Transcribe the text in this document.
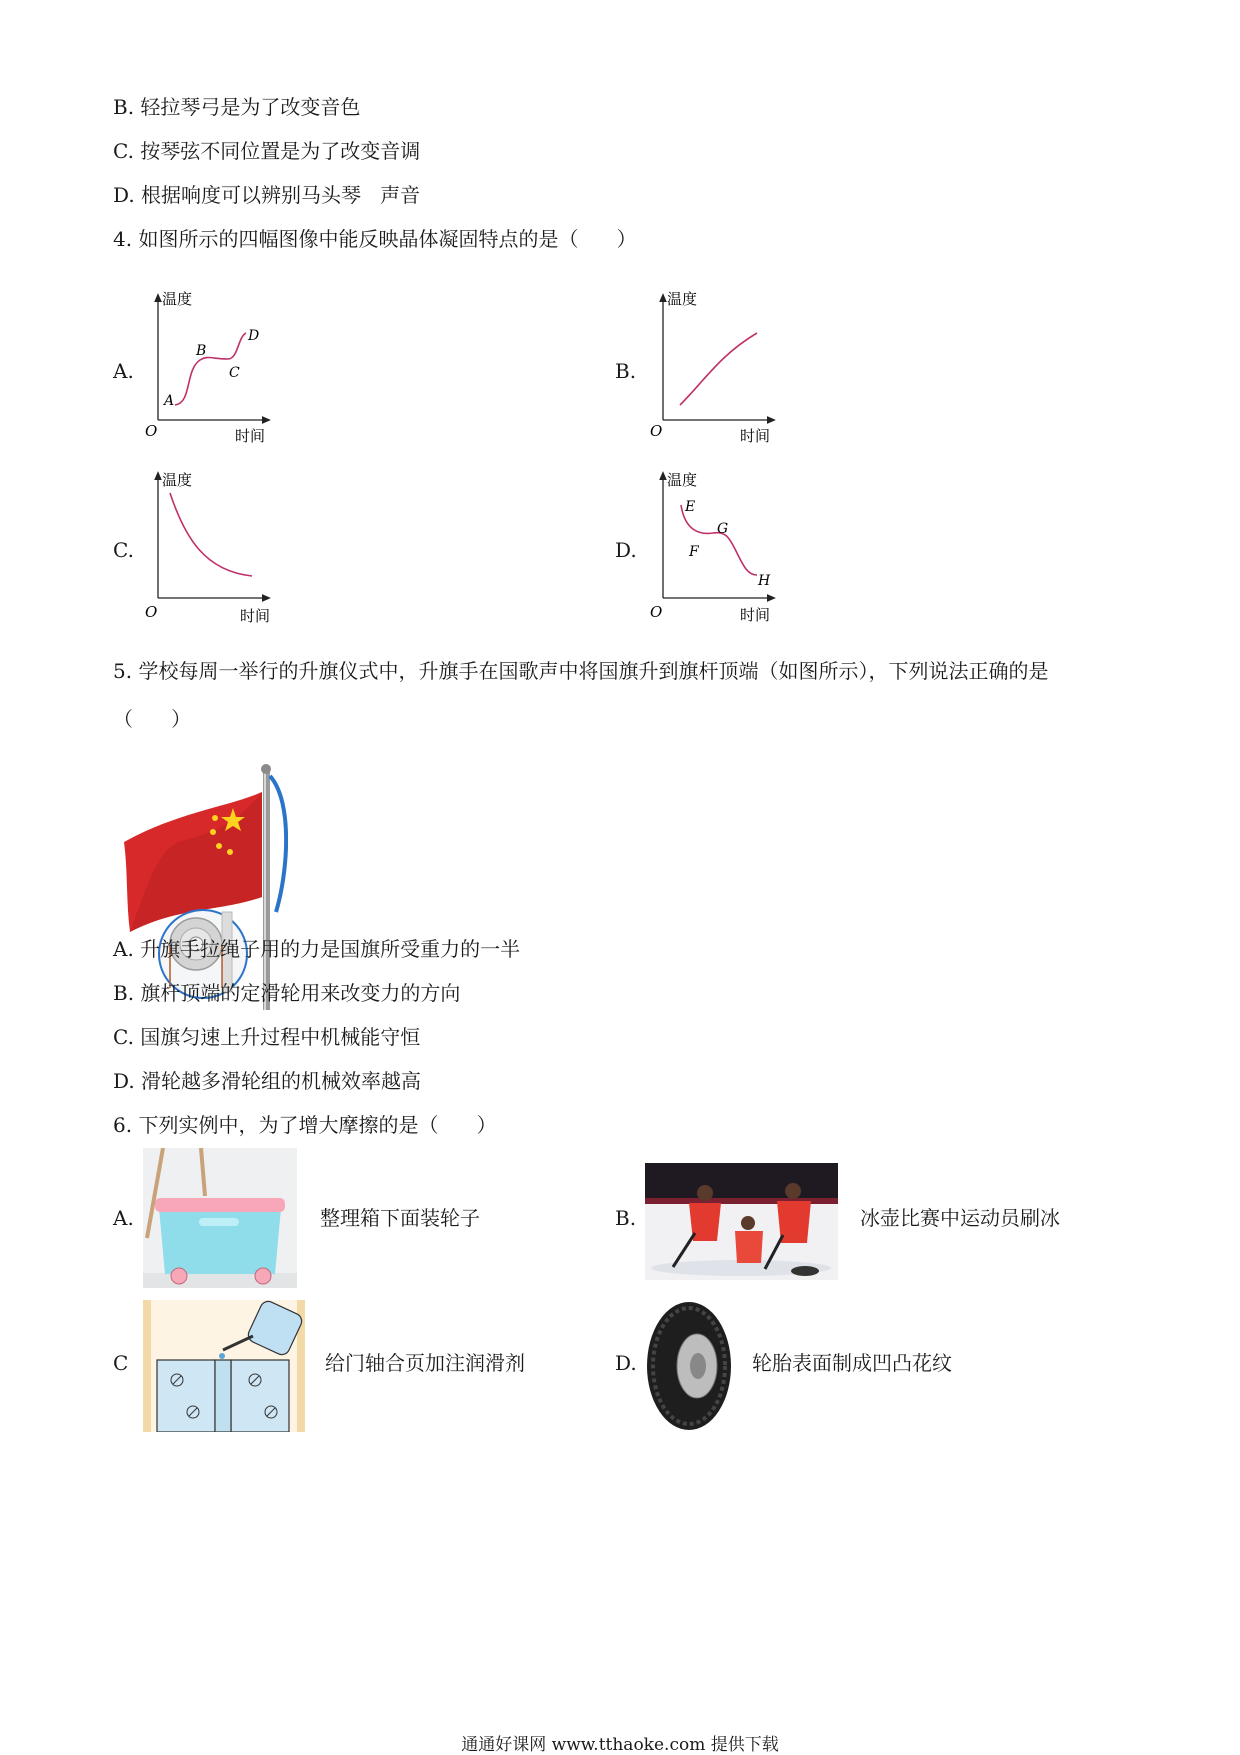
B. 轻拉琴弓是为了改变音色
C. 按琴弦不同位置是为了改变音调
D. 根据响度可以辨别马头琴   声音
4. 如图所示的四幅图像中能反映晶体凝固特点的是（      ）
A.	B.
C.	D.
温度
时间
O
A
B
C
D
温度
时间
O
温度
时间
O
温度
时间
O
E
F
G
H
5. 学校每周一举行的升旗仪式中，升旗手在国歌声中将国旗升到旗杆顶端（如图所示），下列说法正确的是
（      ）
A. 升旗手拉绳子用的力是国旗所受重力的一半
B. 旗杆顶端的定滑轮用来改变力的方向
C. 国旗匀速上升过程中机械能守恒
D. 滑轮越多滑轮组的机械效率越高
6. 下列实例中，为了增大摩擦的是（      ）
A.	整理箱下面装轮子	B.	冰壶比赛中运动员刷冰
C	给门轴合页加注润滑剂	D.	轮胎表面制成凹凸花纹
通通好课网 www.tthaoke.com 提供下载
